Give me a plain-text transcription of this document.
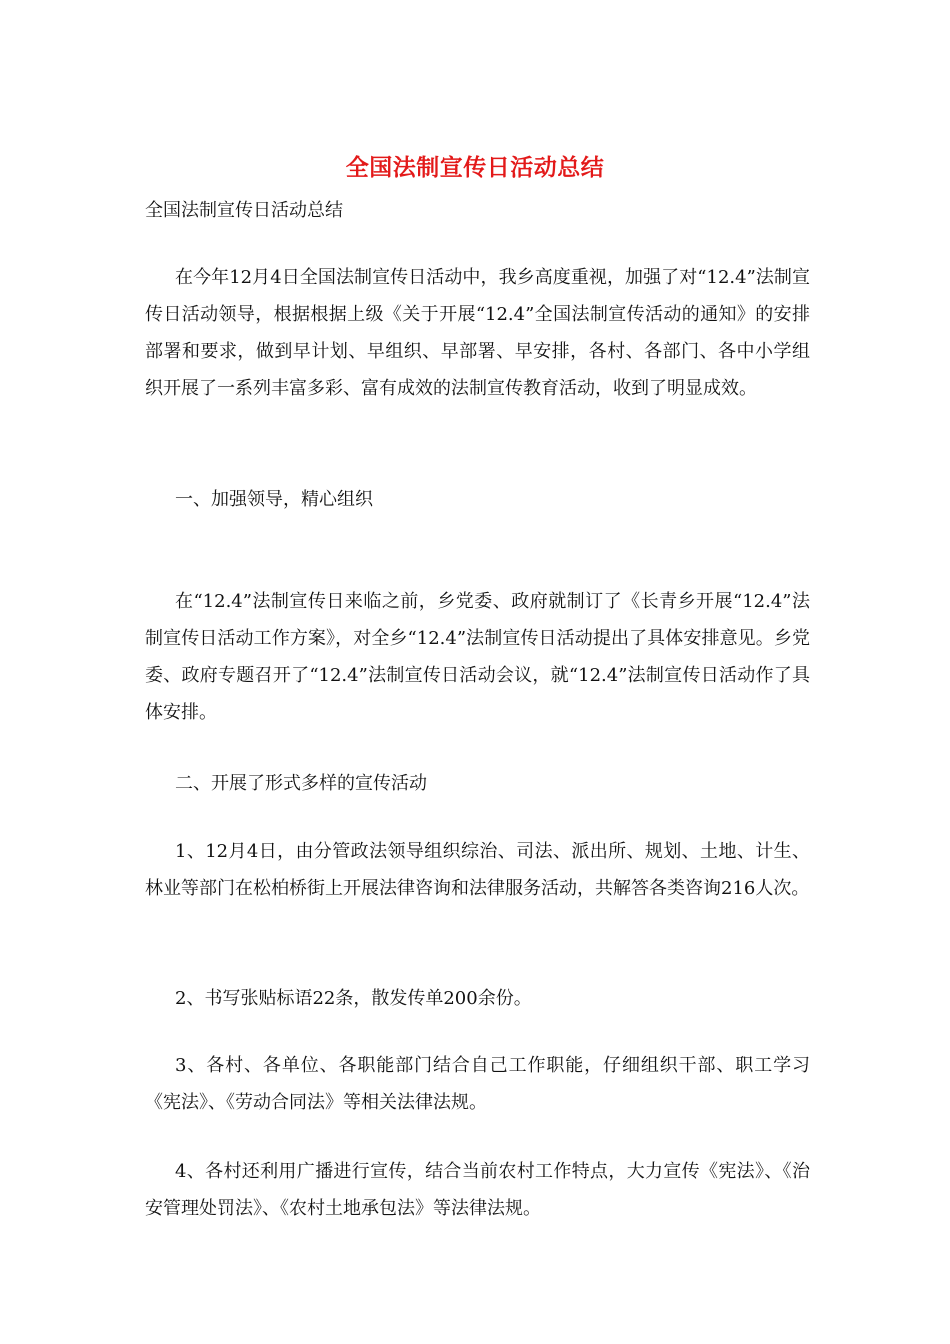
全国法制宣传日活动总结
全国法制宣传日活动总结
在今年12月4日全国法制宣传日活动中，我乡高度重视，加强了对“12.4”法制宣传日活动领导，根据根据上级《关于开展“12.4”全国法制宣传活动的通知》的安排部署和要求，做到早计划、早组织、早部署、早安排，各村、各部门、各中小学组织开展了一系列丰富多彩、富有成效的法制宣传教育活动，收到了明显成效。
一、加强领导，精心组织
在“12.4”法制宣传日来临之前，乡党委、政府就制订了《长青乡开展“12.4”法制宣传日活动工作方案》，对全乡“12.4”法制宣传日活动提出了具体安排意见。乡党委、政府专题召开了“12.4”法制宣传日活动会议，就“12.4”法制宣传日活动作了具体安排。
二、开展了形式多样的宣传活动
1、12月4日，由分管政法领导组织综治、司法、派出所、规划、土地、计生、林业等部门在松柏桥街上开展法律咨询和法律服务活动，共解答各类咨询216人次。
2、书写张贴标语22条，散发传单200余份。
3、各村、各单位、各职能部门结合自己工作职能，仔细组织干部、职工学习《宪法》、《劳动合同法》等相关法律法规。
4、各村还利用广播进行宣传，结合当前农村工作特点，大力宣传《宪法》、《治安管理处罚法》、《农村土地承包法》等法律法规。
